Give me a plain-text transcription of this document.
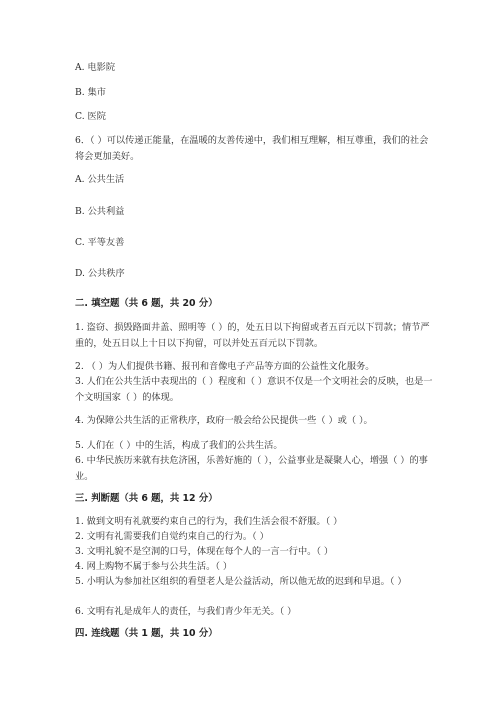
A. 电影院
B. 集市
C. 医院
6．（ ）可以传递正能量，在温暖的友善传递中，我们相互理解，相互尊重，我们的社会将会更加美好。
A. 公共生活
B. 公共利益
C. 平等友善
D. 公共秩序
二. 填空题（共 6 题，共 20 分）
1. 盗窃、损毁路面井盖、照明等（ ）的，处五日以下拘留或者五百元以下罚款；情节严重的，处五日以上十日以下拘留，可以并处五百元以下罚款。
2. （ ）为人们提供书籍、报刊和音像电子产品等方面的公益性文化服务。
3. 人们在公共生活中表现出的（ ）程度和（ ）意识不仅是一个文明社会的反映，也是一个文明国家（ ）的体现。
4. 为保障公共生活的正常秩序，政府一般会给公民提供一些（ ）或（ ）。
5. 人们在（ ）中的生活，构成了我们的公共生活。
6. 中华民族历来就有扶危济困，乐善好施的（ ），公益事业是凝聚人心，增强（ ）的事业。
三. 判断题（共 6 题，共 12 分）
1. 做到文明有礼就要约束自己的行为，我们生活会很不舒服。（ ）
2. 文明有礼需要我们自觉约束自己的行为。（ ）
3. 文明礼貌不是空洞的口号，体现在每个人的一言一行中。（ ）
4. 网上购物不属于参与公共生活。（ ）
5. 小明认为参加社区组织的看望老人是公益活动，所以他无故的迟到和早退。（ ）
6. 文明有礼是成年人的责任，与我们青少年无关。（ ）
四. 连线题（共 1 题，共 10 分）
